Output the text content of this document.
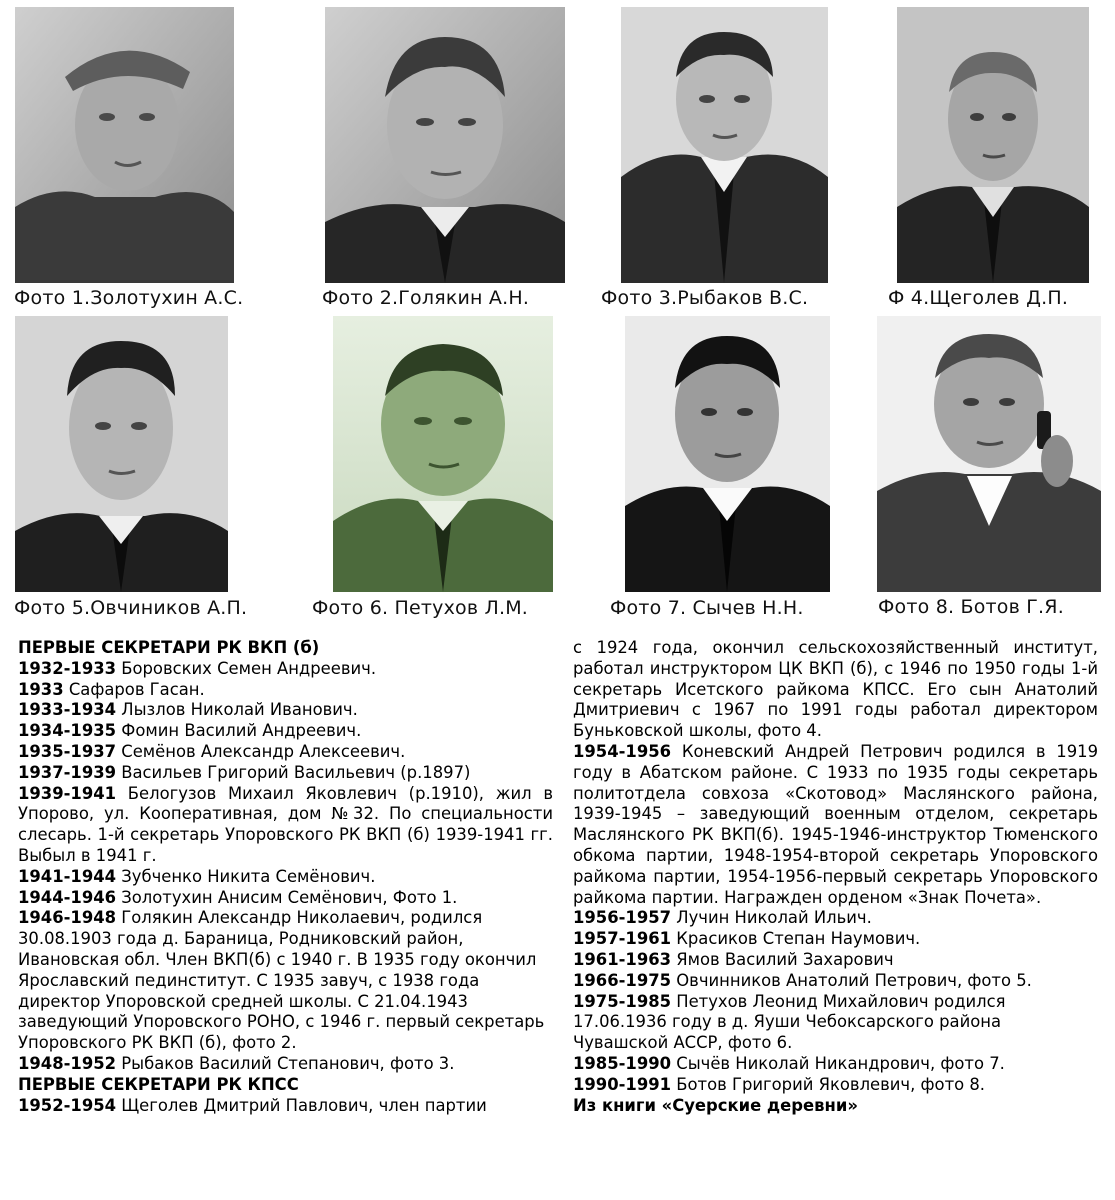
Фото 1.Золотухин А.С.	Фото 2.Голякин А.Н.	Фото 3.Рыбаков В.С.	Ф 4.Щеголев Д.П.
Фото 5.Овчиников А.П.	Фото 6. Петухов Л.М.	Фото 7. Сычев Н.Н.	Фото 8. Ботов Г.Я.

ПЕРВЫЕ СЕКРЕТАРИ РК ВКП (б)

1932-1933 Боровских Семен Андреевич.

1933 Сафаров Гасан.

1933-1934 Лызлов Николай Иванович.

1934-1935 Фомин Василий Андреевич.

1935-1937 Семёнов Александр Алексеевич.

1937-1939 Васильев Григорий Васильевич (р.1897)

1939-1941 Белогузов Михаил Яковлевич (р.1910), жил в Упорово, ул. Кооперативная, дом №32. По специальности слесарь. 1-й секретарь Упоровского РК ВКП (б) 1939-1941 гг. Выбыл в 1941 г.

1941-1944 Зубченко Никита Семёнович.

1944-1946 Золотухин Анисим Семёнович, Фото 1.

1946-1948 Голякин Александр Николаевич, родился 30.08.1903 года д. Бараница, Родниковский район, Ивановская обл. Член ВКП(б) с 1940 г. В 1935 году окончил Ярославский пединститут. С 1935 завуч, с 1938 года директор Упоровской средней школы. С 21.04.1943 заведующий Упоровского РОНО, с 1946 г. первый секретарь Упоровского РК ВКП (б), фото 2.

1948-1952 Рыбаков Василий Степанович, фото 3.

ПЕРВЫЕ СЕКРЕТАРИ РК КПСС

1952-1954 Щеголев Дмитрий Павлович, член партии

с 1924 года, окончил сельскохозяйственный институт, работал инструктором ЦК ВКП (б), с 1946 по 1950 годы 1-й секретарь Исетского райкома КПСС. Его сын Анатолий Дмитриевич с 1967 по 1991 годы работал директором Буньковской школы, фото 4.

1954-1956 Коневский Андрей Петрович родился в 1919 году в Абатском районе. С 1933 по 1935 годы секретарь политотдела совхоза «Скотовод» Маслянского района, 1939-1945 – заведующий военным отделом, секретарь Маслянского РК ВКП(б). 1945-1946-инструктор Тюменского обкома партии, 1948-1954-второй секретарь Упоровского райкома партии, 1954-1956-первый секретарь Упоровского райкома партии. Награжден орденом «Знак Почета».

1956-1957 Лучин Николай Ильич.

1957-1961 Красиков Степан Наумович.

1961-1963 Ямов Василий Захарович

1966-1975 Овчинников Анатолий Петрович, фото 5.

1975-1985 Петухов Леонид Михайлович родился 17.06.1936 году в д. Яуши Чебоксарского района Чувашской АССР, фото 6.

1985-1990 Сычёв Николай Никандрович, фото 7.

1990-1991 Ботов Григорий Яковлевич, фото 8.

Из книги «Суерские деревни»
